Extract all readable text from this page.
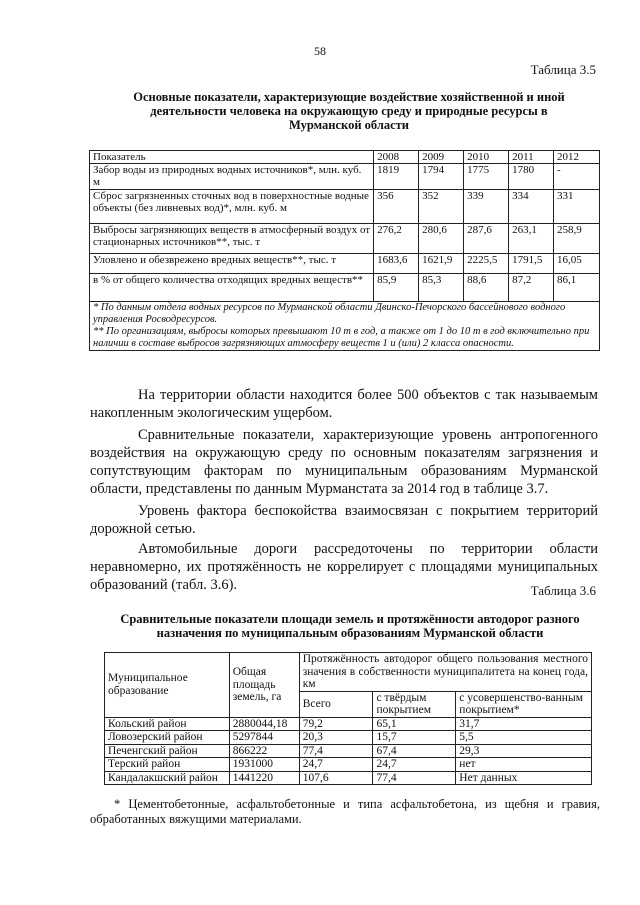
58
Таблица 3.5
Основные показатели, характеризующие воздействие хозяйственной и иной деятельности человека на окружающую среду и природные ресурсы в Мурманской области
Показатель	2008	2009	2010	2011	2012
Забор воды из природных водных источников*, млн. куб. м	1819	1794	1775	1780	-
Сброс загрязненных сточных вод в поверхностные водные объекты (без ливневых вод)*, млн. куб. м	356	352	339	334	331
Выбросы загрязняющих веществ в атмосферный воздух от стационарных источников**, тыс. т	276,2	280,6	287,6	263,1	258,9
Уловлено и обезврежено вредных веществ**, тыс. т	1683,6	1621,9	2225,5	1791,5	16,05
в % от общего количества отходящих вредных веществ**	85,9	85,3	88,6	87,2	86,1

* По данным отдела водных ресурсов по Мурманской области Двинско-Печорского бассейнового водного управления Росводресурсов.
** По организациям, выбросы которых превышают 10 т в год, а также от 1 до 10 т в год включительно при наличии в составе выбросов загрязняющих атмосферу веществ 1 и (или) 2 класса опасности.					
На территории области находится более 500 объектов с так называемым накопленным экологическим ущербом.
Сравнительные показатели, характеризующие уровень антропогенного воздействия на окружающую среду по основным показателям загрязнения и сопутствующим факторам по муниципальным образованиям Мурманской области, представлены по данным Мурманстата за 2014 год в таблице 3.7.
Уровень фактора беспокойства взаимосвязан с покрытием территорий дорожной сетью.
Автомобильные дороги рассредоточены по территории области неравномерно, их протяжённость не коррелирует с площадями муниципальных образований (табл. 3.6).	Таблица 3.6
Сравнительные показатели площади земель и протяжённости автодорог разного назначения по муниципальным образованиям Мурманской области
Муниципальное образование	Общая площадь земель, га	Протяжённость автодорог общего пользования местного значения в собственности муниципалитета на конец года, км		
		Всего	с твёрдым покрытием	с усовершенство-ванным покрытием*
Кольский район	2880044,18	79,2	65,1	31,7
Ловозерский район	5297844	20,3	15,7	5,5
Печенгский район	866222	77,4	67,4	29,3
Терский район	1931000	24,7	24,7	нет
Кандалакшский район	1441220	107,6	77,4	Нет данных
* Цементобетонные, асфальтобетонные и типа асфальтобетона, из щебня и гравия, обработанных вяжущими материалами.
